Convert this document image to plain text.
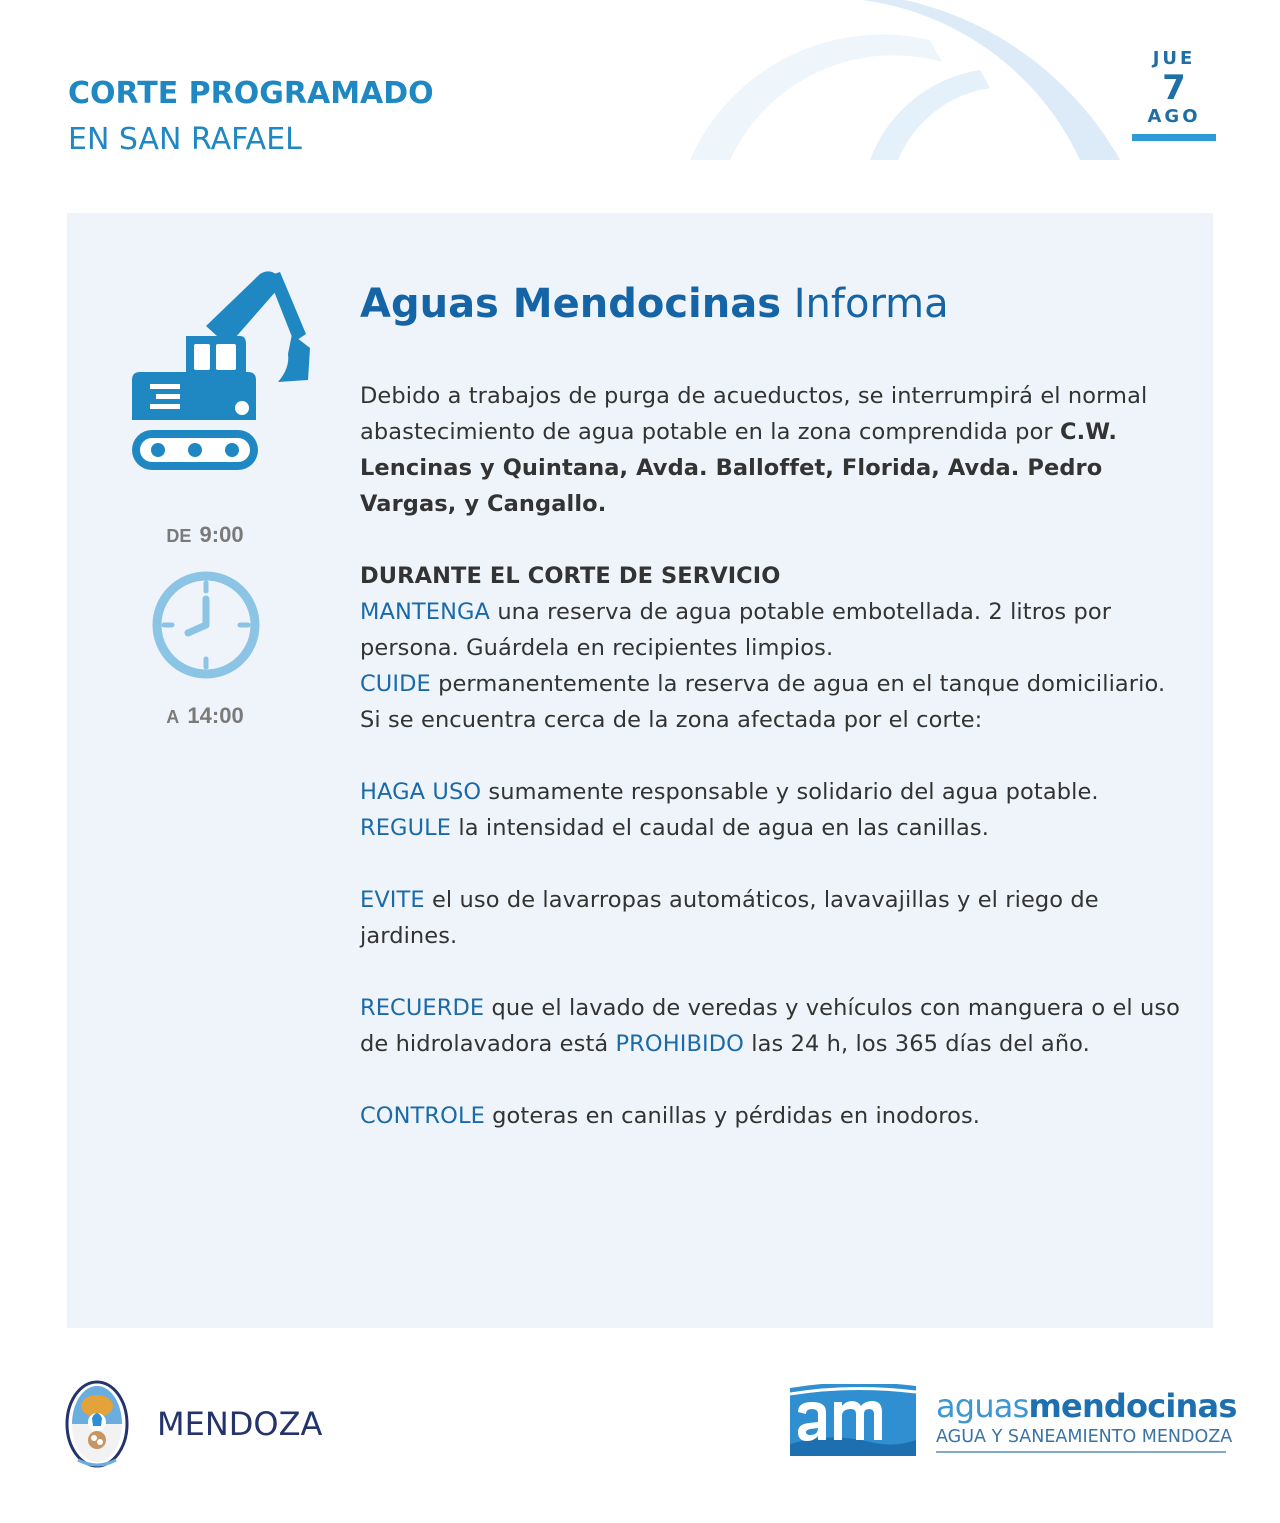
CORTE PROGRAMADO
EN SAN RAFAEL
JUE
7
AGO
DE 9:00
A 14:00
Aguas Mendocinas Informa

Debido a trabajos de purga de acueductos, se interrumpirá el normal abastecimiento de agua potable en la zona comprendida por C.W. Lencinas y Quintana, Avda. Balloffet, Florida, Avda. Pedro Vargas, y Cangallo.

DURANTE EL CORTE DE SERVICIO

MANTENGA una reserva de agua potable embotellada. 2 litros por persona. Guárdela en recipientes limpios.

CUIDE permanentemente la reserva de agua en el tanque domiciliario.

Si se encuentra cerca de la zona afectada por el corte:

HAGA USO sumamente responsable y solidario del agua potable.

REGULE la intensidad el caudal de agua en las canillas.

EVITE el uso de lavarropas automáticos, lavavajillas y el riego de jardines.

RECUERDE que el lavado de veredas y vehículos con manguera o el uso de hidrolavadora está PROHIBIDO las 24 h, los 365 días del año.

CONTROLE goteras en canillas y pérdidas en inodoros.

MENDOZA	aguasmendocinas
AGUA Y SANEAMIENTO MENDOZA
